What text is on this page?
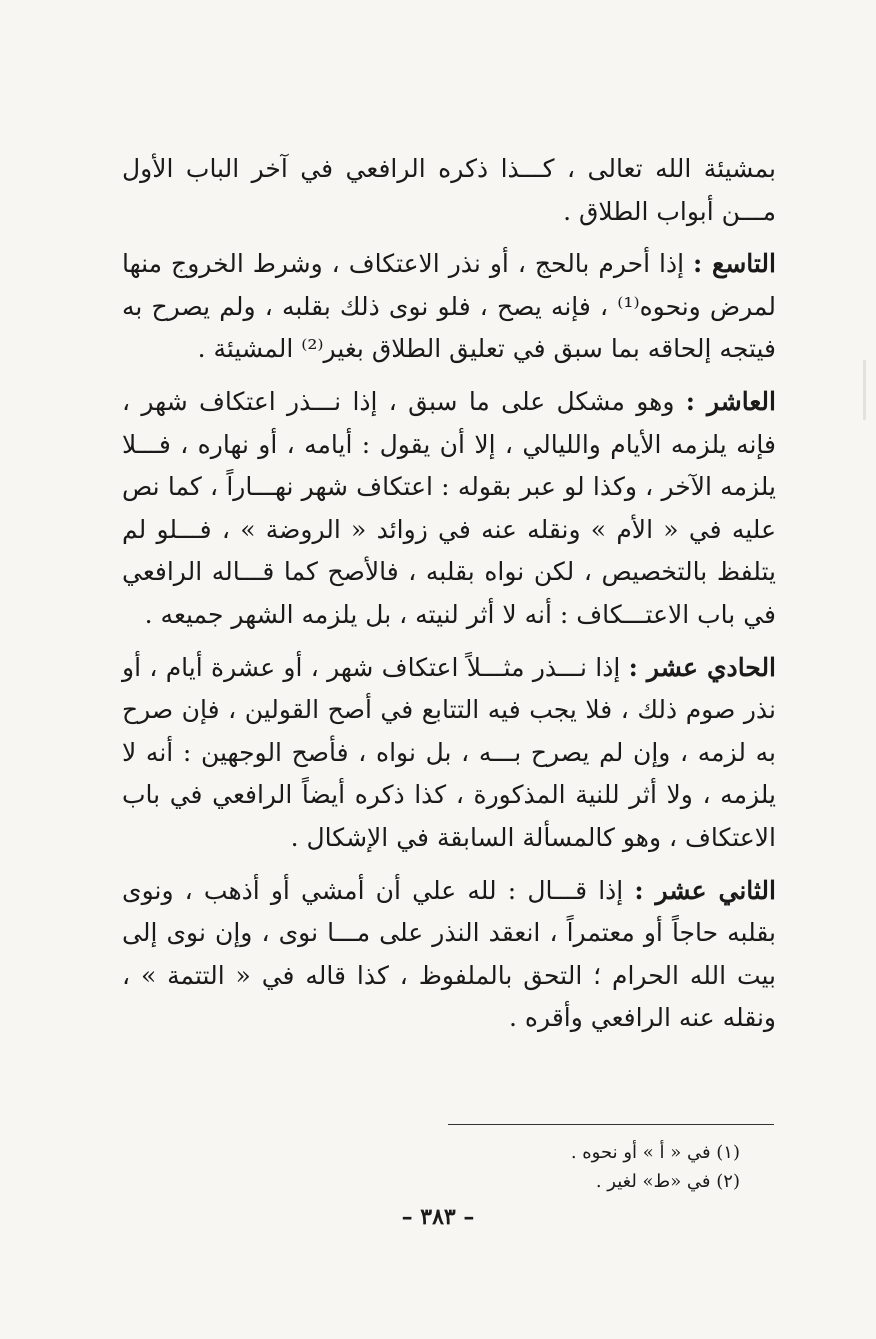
بمشيئة الله تعالى ، كـــذا ذكره الرافعي في آخر الباب الأول مـــن أبواب الطلاق .

التاسع : إذا أحرم بالحج ، أو نذر الاعتكاف ، وشرط الخروج منها لمرض ونحوه⁽¹⁾ ، فإنه يصح ، فلو نوى ذلك بقلبه ، ولم يصرح به فيتجه إلحاقه بما سبق في تعليق الطلاق بغير⁽²⁾ المشيئة .

العاشر : وهو مشكل على ما سبق ، إذا نـــذر اعتكاف شهر ، فإنه يلزمه الأيام والليالي ، إلا أن يقول : أيامه ، أو نهاره ، فـــلا يلزمه الآخر ، وكذا لو عبر بقوله : اعتكاف شهر نهـــاراً ، كما نص عليه في « الأم » ونقله عنه في زوائد « الروضة » ، فـــلو لم يتلفظ بالتخصيص ، لكن نواه بقلبه ، فالأصح كما قـــاله الرافعي في باب الاعتـــكاف : أنه لا أثر لنيته ، بل يلزمه الشهر جميعه .

الحادي عشر : إذا نـــذر مثـــلاً اعتكاف شهر ، أو عشرة أيام ، أو نذر صوم ذلك ، فلا يجب فيه التتابع في أصح القولين ، فإن صرح به لزمه ، وإن لم يصرح بـــه ، بل نواه ، فأصح الوجهين : أنه لا يلزمه ، ولا أثر للنية المذكورة ، كذا ذكره أيضاً الرافعي في باب الاعتكاف ، وهو كالمسألة السابقة في الإشكال .

الثاني عشر : إذا قـــال : لله علي أن أمشي أو أذهب ، ونوى بقلبه حاجاً أو معتمراً ، انعقد النذر على مـــا نوى ، وإن نوى إلى بيت الله الحرام ؛ التحق بالملفوظ ، كذا قاله في « التتمة » ، ونقله عنه الرافعي وأقره .

(١) في « أ » أو نحوه .
(٢) في «ط» لغير .
– ٣٨٣ –
